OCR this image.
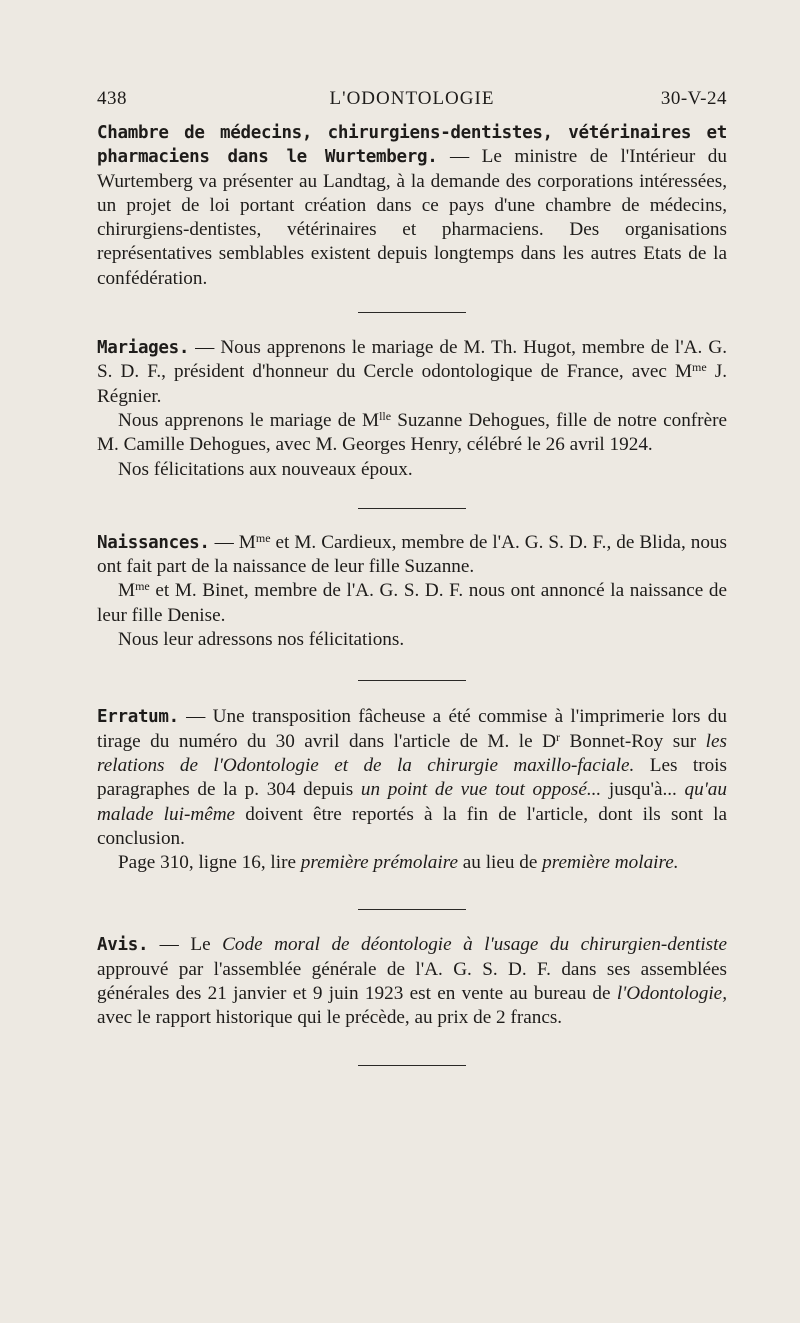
438	L'ODONTOLOGIE	30-V-24

Chambre de médecins, chirurgiens-dentistes, vétérinaires et pharmaciens dans le Wurtemberg. — Le ministre de l'Intérieur du Wurtemberg va présenter au Landtag, à la demande des corporations intéressées, un projet de loi portant création dans ce pays d'une chambre de médecins, chirurgiens-dentistes, vétérinaires et pharmaciens. Des organisations représentatives semblables existent depuis longtemps dans les autres Etats de la confédération.

Mariages. — Nous apprenons le mariage de M. Th. Hugot, membre de l'A. G. S. D. F., président d'honneur du Cercle odontologique de France, avec $M^{me}$ J. Régnier.

Nous apprenons le mariage de $M^{lle}$ Suzanne Dehogues, fille de notre confrère M. Camille Dehogues, avec M. Georges Henry, célébré le 26 avril 1924.

Nos félicitations aux nouveaux époux.

Naissances. — $M^{me}$ et M. Cardieux, membre de l'A. G. S. D. F., de Blida, nous ont fait part de la naissance de leur fille Suzanne.

$M^{me}$ et M. Binet, membre de l'A. G. S. D. F. nous ont annoncé la naissance de leur fille Denise.

Nous leur adressons nos félicitations.

Erratum. — Une transposition fâcheuse a été commise à l'imprimerie lors du tirage du numéro du 30 avril dans l'article de M. le $D^r$ Bonnet-Roy sur les relations de l'Odontologie et de la chirurgie maxillo-faciale. Les trois paragraphes de la p. 304 depuis un point de vue tout opposé... jusqu'à... qu'au malade lui-même doivent être reportés à la fin de l'article, dont ils sont la conclusion.

Page 310, ligne 16, lire première prémolaire au lieu de première molaire.

Avis. — Le Code moral de déontologie à l'usage du chirurgien-dentiste approuvé par l'assemblée générale de l'A. G. S. D. F. dans ses assemblées générales des 21 janvier et 9 juin 1923 est en vente au bureau de l'Odontologie, avec le rapport historique qui le précède, au prix de 2 francs.
